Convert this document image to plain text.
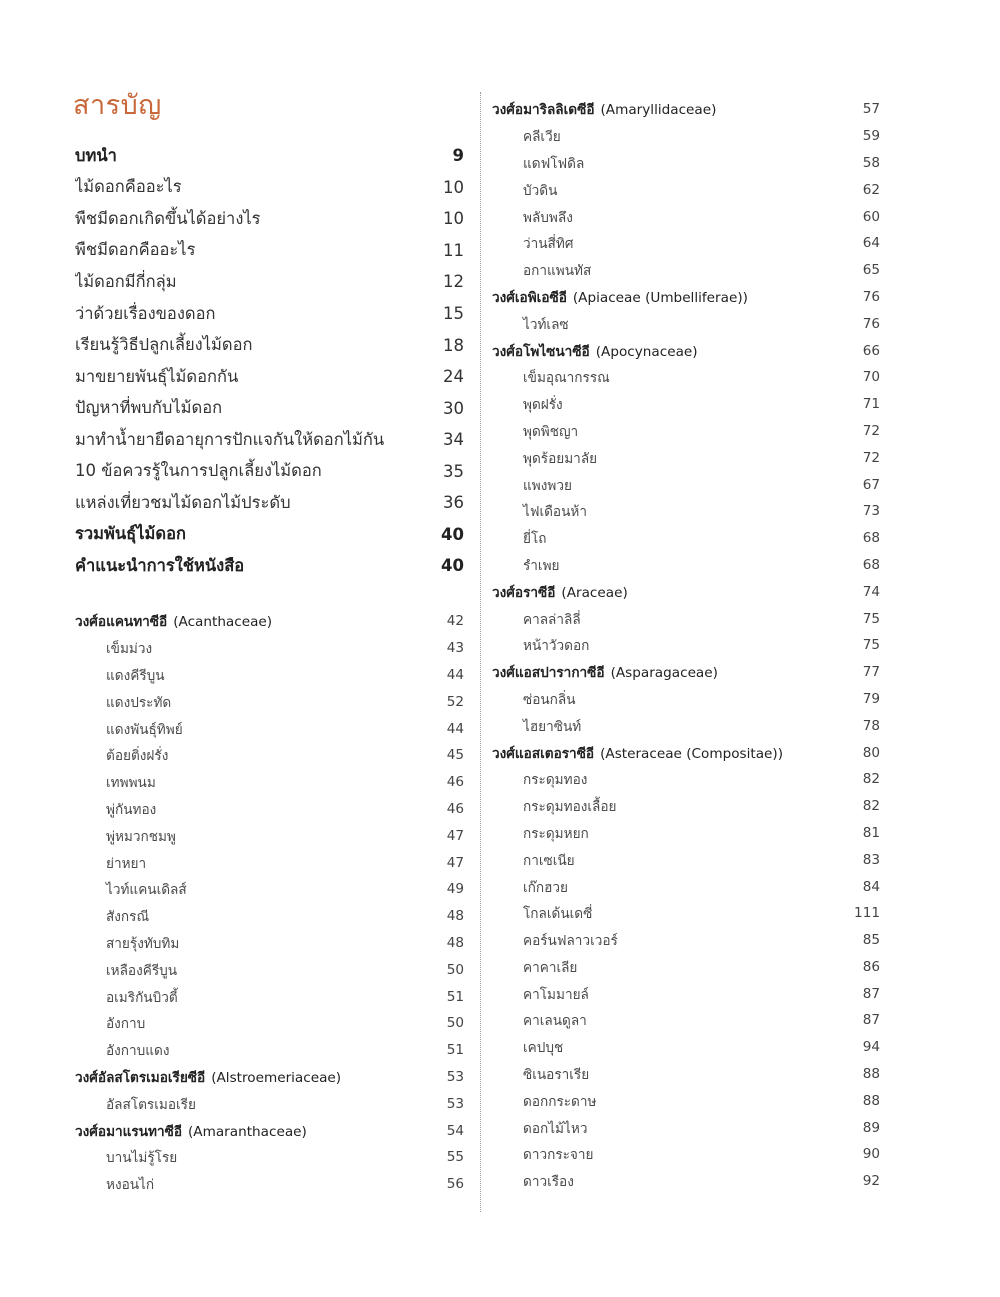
สารบัญ
บทนำ	9
ไม้ดอกคืออะไร	10
พืชมีดอกเกิดขึ้นได้อย่างไร	10
พืชมีดอกคืออะไร	11
ไม้ดอกมีกี่กลุ่ม	12
ว่าด้วยเรื่องของดอก	15
เรียนรู้วิธีปลูกเลี้ยงไม้ดอก	18
มาขยายพันธุ์ไม้ดอกกัน	24
ปัญหาที่พบกับไม้ดอก	30
มาทำน้ำยายืดอายุการปักแจกันให้ดอกไม้กัน	34
10 ข้อควรรู้ในการปลูกเลี้ยงไม้ดอก	35
แหล่งเที่ยวชมไม้ดอกไม้ประดับ	36
รวมพันธุ์ไม้ดอก	40
คำแนะนำการใช้หนังสือ	40
วงศ์อแคนทาซีอี (Acanthaceae)	42
เข็มม่วง	43
แดงคีรีบูน	44
แดงประทัด	52
แดงพันธุ์ทิพย์	44
ต้อยติ่งฝรั่ง	45
เทพพนม	46
พู่กันทอง	46
พู่หมวกชมพู	47
ย่าหยา	47
ไวท์แคนเดิลส์	49
สังกรณี	48
สายรุ้งทับทิม	48
เหลืองคีรีบูน	50
อเมริกันบิวตี้	51
อังกาบ	50
อังกาบแดง	51
วงศ์อัลสโตรเมอเรียซีอี (Alstroemeriaceae)	53
อัลสโตรเมอเรีย	53
วงศ์อมาแรนทาซีอี (Amaranthaceae)	54
บานไม่รู้โรย	55
หงอนไก่	56
วงศ์อมาริลลิเดซีอี (Amaryllidaceae)	57
คลีเวีย	59
แดฟโฟดิล	58
บัวดิน	62
พลับพลึง	60
ว่านสี่ทิศ	64
อกาแพนทัส	65
วงศ์เอพิเอซีอี (Apiaceae (Umbelliferae))	76
ไวท์เลซ	76
วงศ์อโพไซนาซีอี (Apocynaceae)	66
เข็มอุณากรรณ	70
พุดฝรั่ง	71
พุดพิชญา	72
พุดร้อยมาลัย	72
แพงพวย	67
ไฟเดือนห้า	73
ยี่โถ	68
รำเพย	68
วงศ์อราซีอี (Araceae)	74
คาลล่าลิลี่	75
หน้าวัวดอก	75
วงศ์แอสปารากาซีอี (Asparagaceae)	77
ซ่อนกลิ่น	79
ไฮยาซินท์	78
วงศ์แอสเตอราซีอี (Asteraceae (Compositae))	80
กระดุมทอง	82
กระดุมทองเลื้อย	82
กระดุมหยก	81
กาเซเนีย	83
เก๊กฮวย	84
โกลเด้นเดซี่	111
คอร์นฟลาวเวอร์	85
คาคาเลีย	86
คาโมมายล์	87
คาเลนดูลา	87
เคปบุช	94
ซิเนอราเรีย	88
ดอกกระดาษ	88
ดอกไม้ไหว	89
ดาวกระจาย	90
ดาวเรือง	92
